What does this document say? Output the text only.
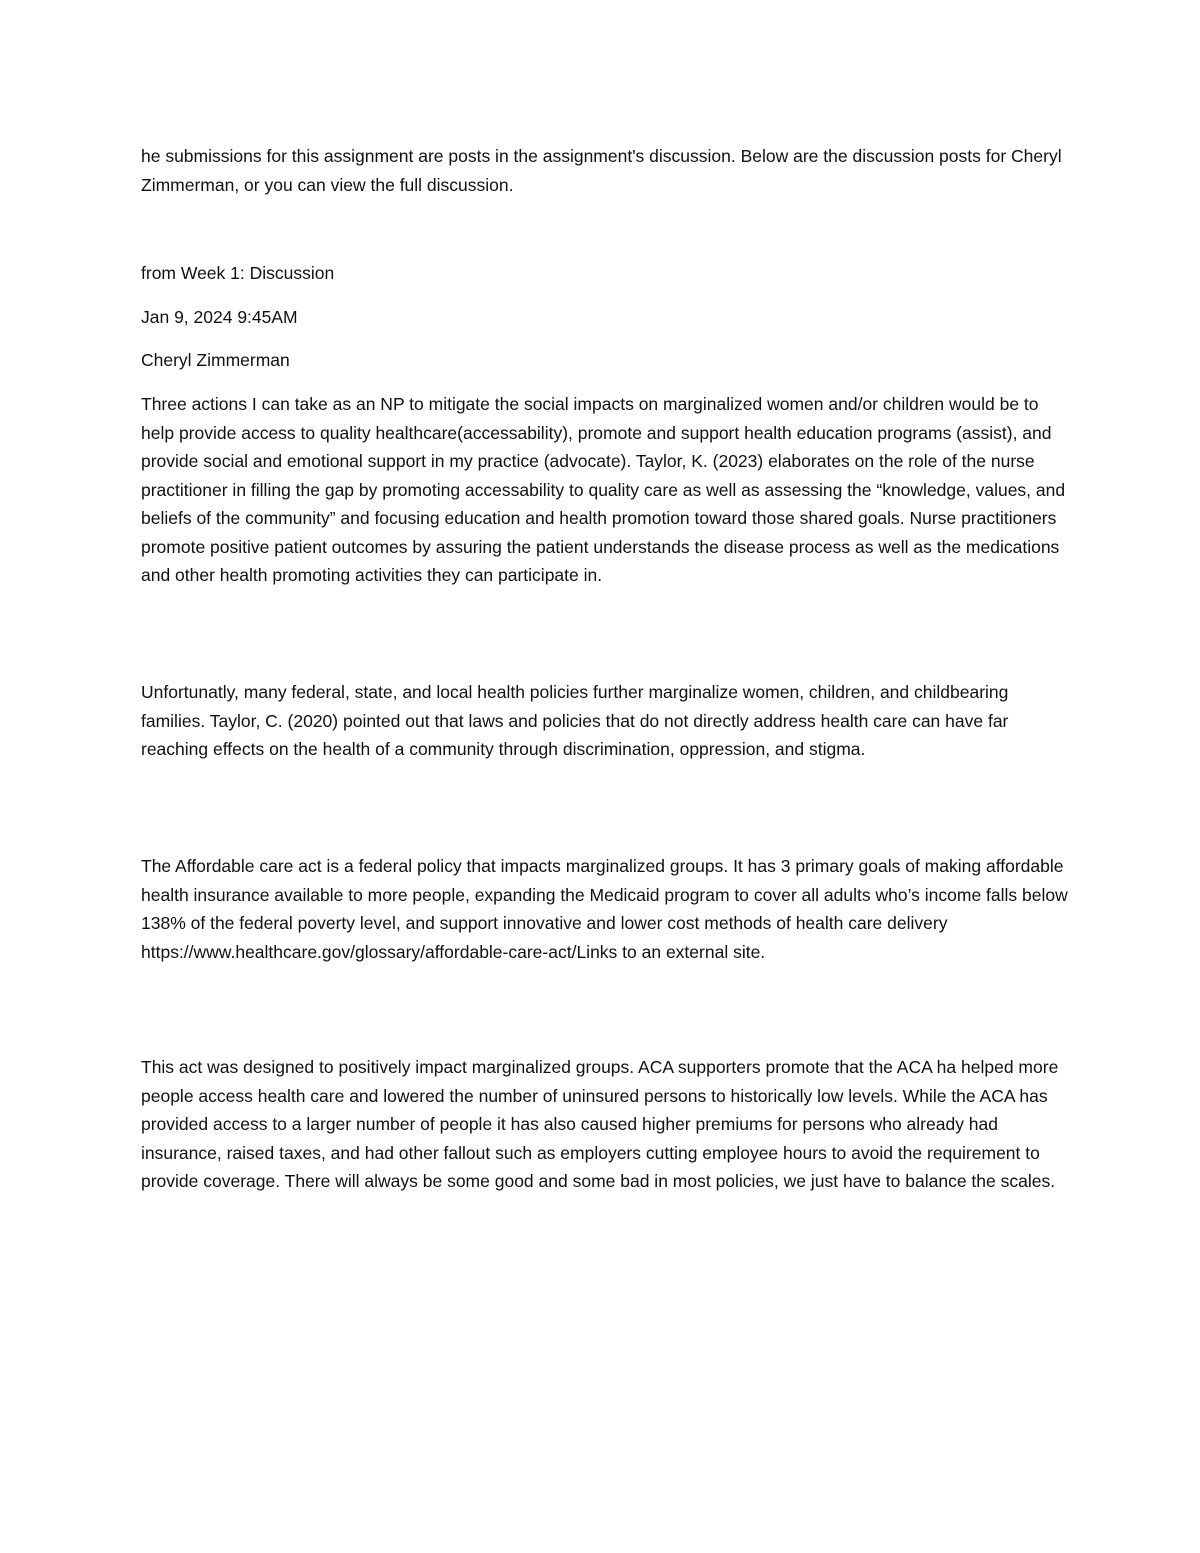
he submissions for this assignment are posts in the assignment's discussion. Below are the discussion posts for Cheryl Zimmerman, or you can view the full discussion.

from Week 1: Discussion

Jan 9, 2024 9:45AM

Cheryl Zimmerman

Three actions I can take as an NP to mitigate the social impacts on marginalized women and/or children would be to help provide access to quality healthcare(accessability), promote and support health education programs (assist), and provide social and emotional support in my practice (advocate). Taylor, K. (2023) elaborates on the role of the nurse practitioner in filling the gap by promoting accessability to quality care as well as assessing the “knowledge, values, and beliefs of the community” and focusing education and health promotion toward those shared goals. Nurse practitioners promote positive patient outcomes by assuring the patient understands the disease process as well as the medications and other health promoting activities they can participate in.

Unfortunatly, many federal, state, and local health policies further marginalize women, children, and childbearing families. Taylor, C. (2020) pointed out that laws and policies that do not directly address health care can have far reaching effects on the health of a community through discrimination, oppression, and stigma.

The Affordable care act is a federal policy that impacts marginalized groups. It has 3 primary goals of making affordable health insurance available to more people, expanding the Medicaid program to cover all adults who’s income falls below 138% of the federal poverty level, and support innovative and lower cost methods of health care delivery https://www.healthcare.gov/glossary/affordable-care-act/Links to an external site.

This act was designed to positively impact marginalized groups. ACA supporters promote that the ACA ha helped more people access health care and lowered the number of uninsured persons to historically low levels. While the ACA has provided access to a larger number of people it has also caused higher premiums for persons who already had insurance, raised taxes, and had other fallout such as employers cutting employee hours to avoid the requirement to provide coverage. There will always be some good and some bad in most policies, we just have to balance the scales.
